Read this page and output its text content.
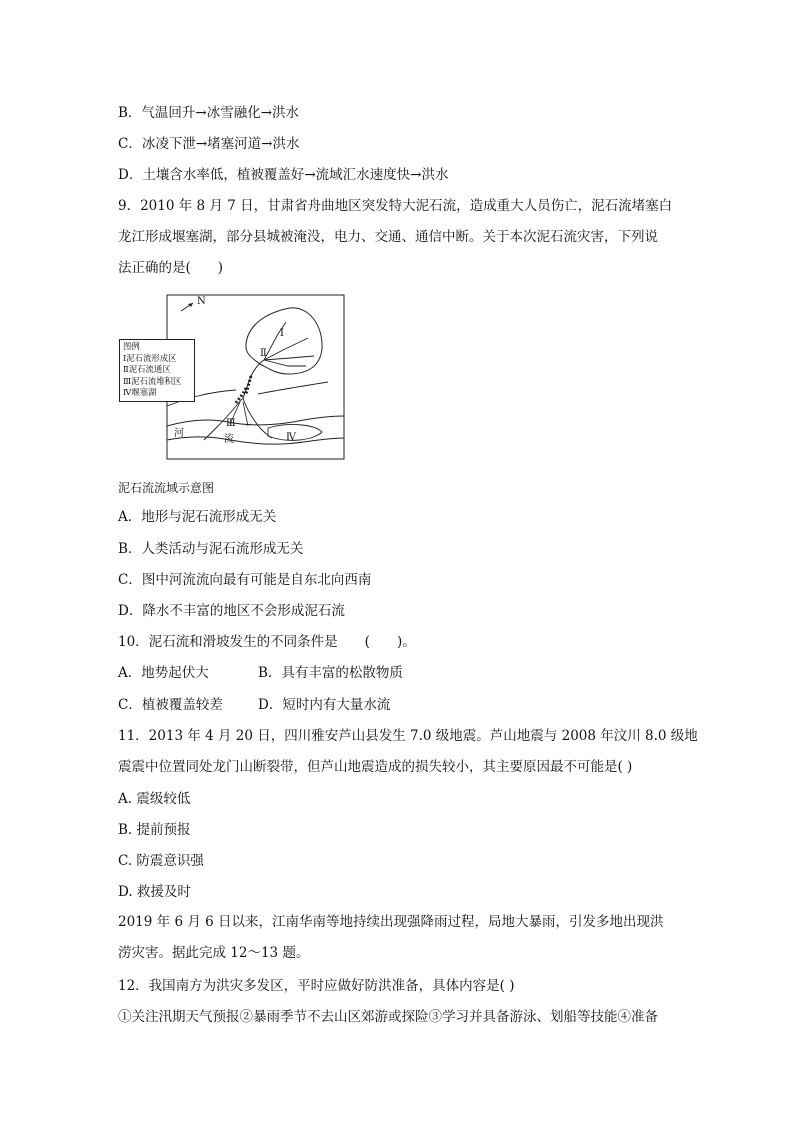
B．气温回升→冰雪融化→洪水
C．冰凌下泄→堵塞河道→洪水
D．土壤含水率低，植被覆盖好→流域汇水速度快→洪水
9．2010 年 8 月 7 日，甘肃省舟曲地区突发特大泥石流，造成重大人员伤亡，泥石流堵塞白
龙江形成堰塞湖，部分县城被淹没，电力、交通、通信中断。关于本次泥石流灾害，下列说
法正确的是(　　)
N
I
Ⅱ
Ⅲ
Ⅳ
河
流
图例
Ⅰ泥石流形成区
Ⅱ泥石流通区
Ⅲ泥石流堆积区
Ⅳ堰塞湖
泥石流流域示意图
A．地形与泥石流形成无关
B．人类活动与泥石流形成无关
C．图中河流流向最有可能是自东北向西南
D．降水不丰富的地区不会形成泥石流
10．泥石流和滑坡发生的不同条件是　　(　　)。
A．地势起伏大	B．具有丰富的松散物质
C．植被覆盖较差	D．短时内有大量水流
11．2013 年 4 月 20 日，四川雅安芦山县发生 7.0 级地震。芦山地震与 2008 年汶川 8.0 级地
震震中位置同处龙门山断裂带，但芦山地震造成的损失较小，其主要原因最不可能是( )
A. 震级较低
B. 提前预报
C. 防震意识强
D. 救援及时
2019 年 6 月 6 日以来，江南华南等地持续出现强降雨过程，局地大暴雨，引发多地出现洪
涝灾害。据此完成 12～13 题。
12．我国南方为洪灾多发区，平时应做好防洪准备，具体内容是( )
①关注汛期天气预报②暴雨季节不去山区郊游或探险③学习并具备游泳、划船等技能④准备
